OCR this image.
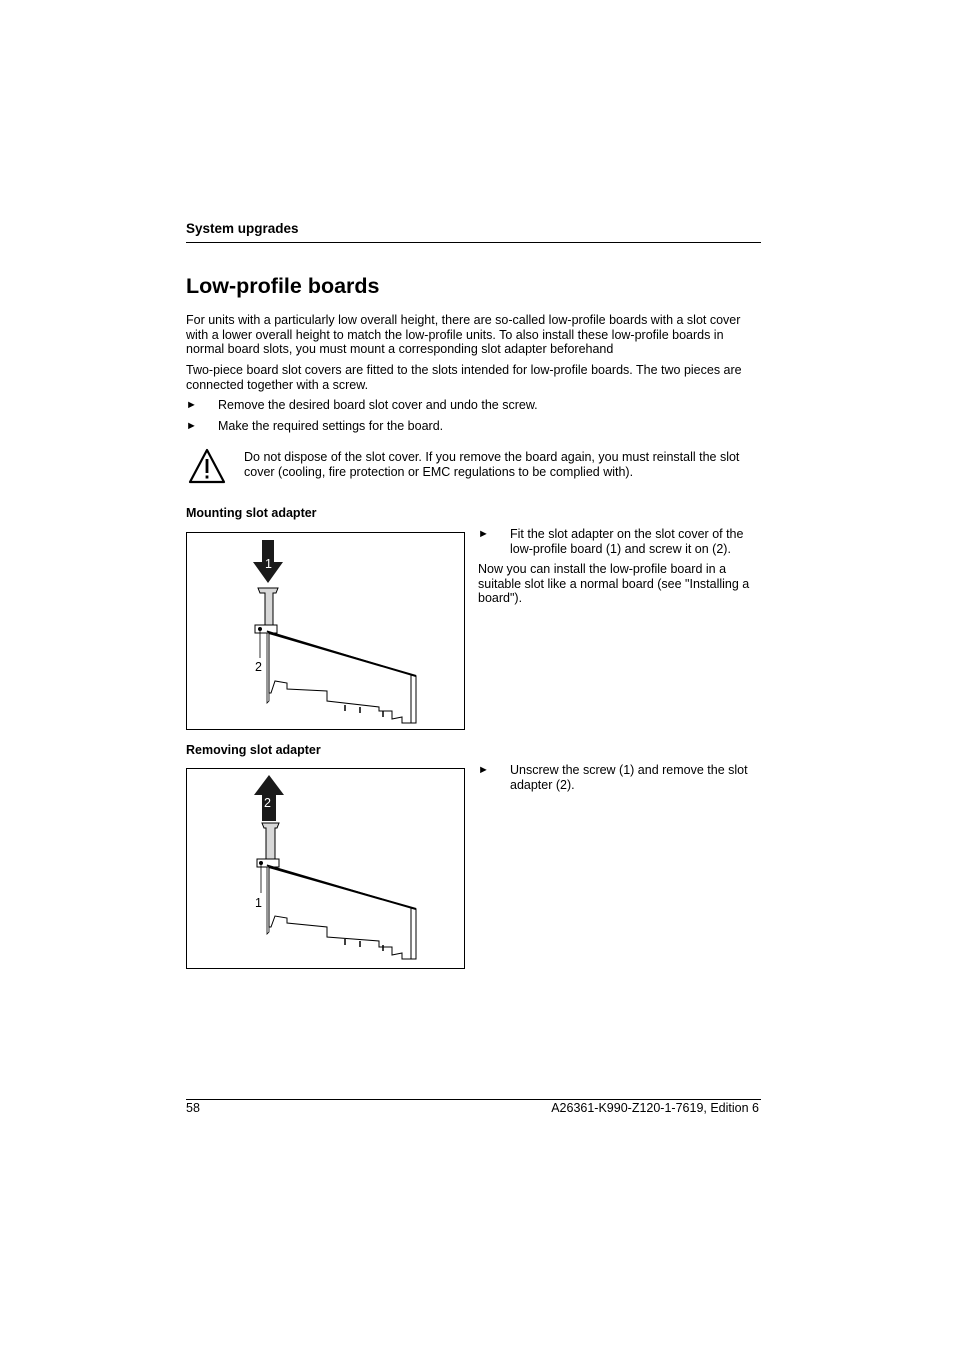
System upgrades
Low-profile boards
For units with a particularly low overall height, there are so-called low-profile boards with a slot cover with a lower overall height to match the low-profile units. To also install these low-profile boards in normal board slots, you must mount a corresponding slot adapter beforehand
Two-piece board slot covers are fitted to the slots intended for low-profile boards. The two pieces are connected together with a screw.
► Remove the desired board slot cover and undo the screw.
► Make the required settings for the board.
Do not dispose of the slot cover. If you remove the board again, you must reinstall the slot cover (cooling, fire protection or EMC regulations to be complied with).
Mounting slot adapter
1
2
► Fit the slot adapter on the slot cover of the low-profile board (1) and screw it on (2).
Now you can install the low-profile board in a suitable slot like a normal board (see "Installing a board").
Removing slot adapter
2
1
► Unscrew the screw (1) and remove the slot adapter (2).
58	A26361-K990-Z120-1-7619, Edition 6
